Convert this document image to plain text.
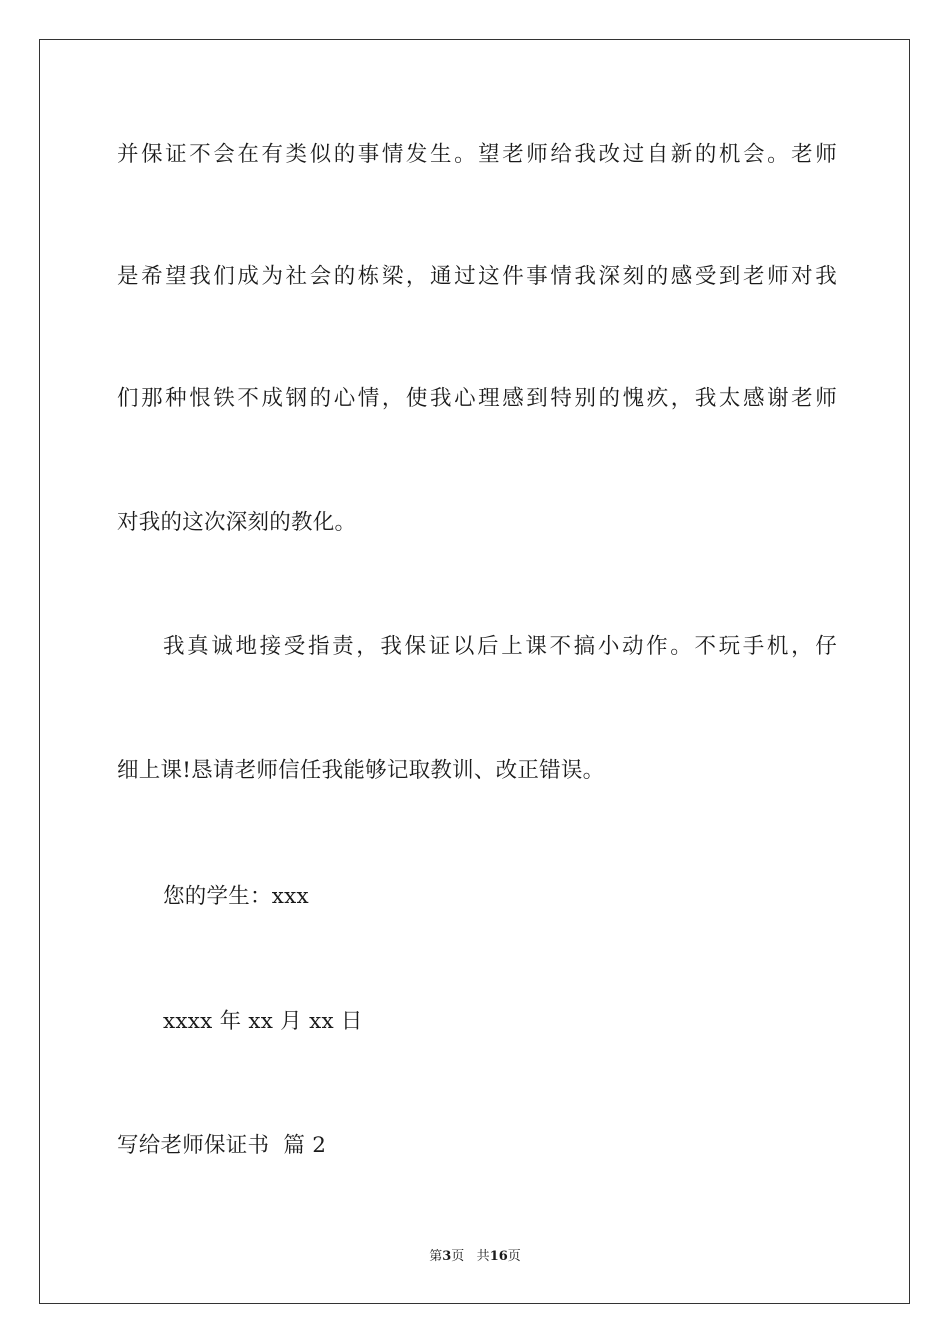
并保证不会在有类似的事情发生。望老师给我改过自新的机会。老师
是希望我们成为社会的栋梁，通过这件事情我深刻的感受到老师对我
们那种恨铁不成钢的心情，使我心理感到特别的愧疚，我太感谢老师
对我的这次深刻的教化。
我真诚地接受指责，我保证以后上课不搞小动作。不玩手机，仔
细上课!恳请老师信任我能够记取教训、改正错误。
您的学生：xxx
xxxx 年 xx 月 xx 日
写给老师保证书  篇 2
第3页 共16页
